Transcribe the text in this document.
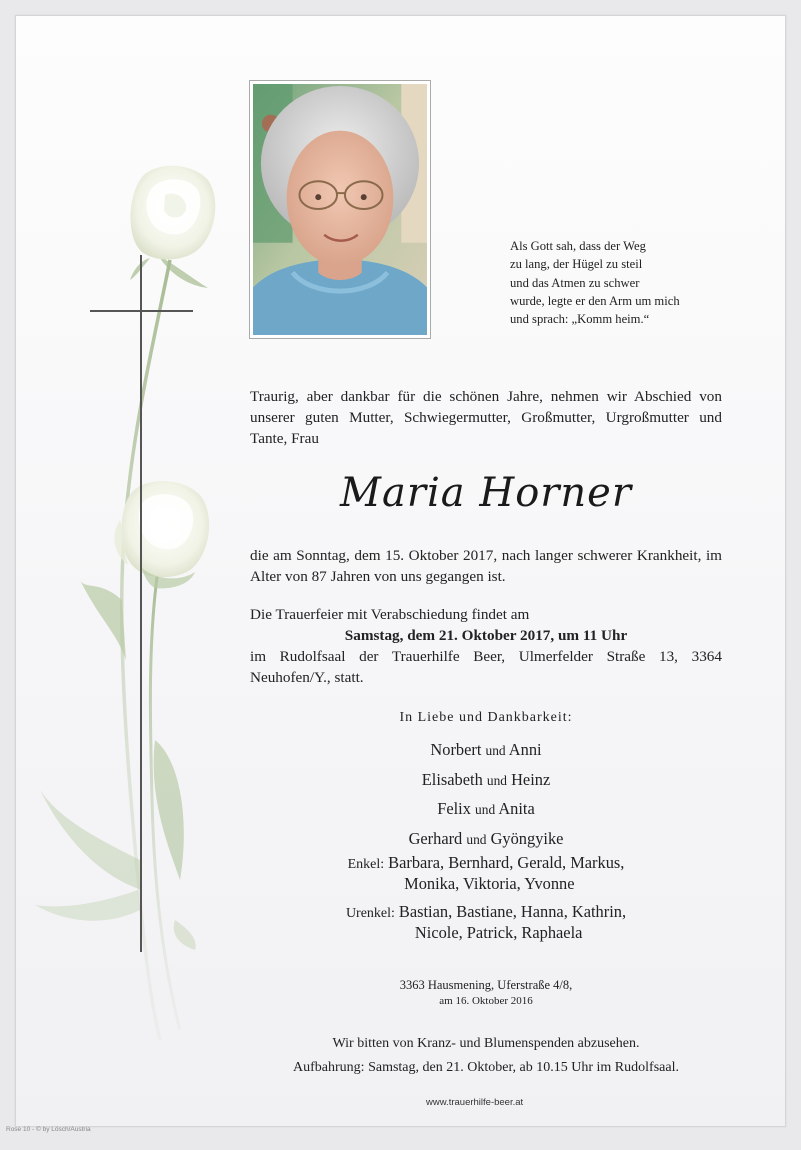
Als Gott sah, dass der Weg
zu lang, der Hügel zu steil
und das Atmen zu schwer
wurde, legte er den Arm um mich
und sprach: „Komm heim.“
Traurig, aber dankbar für die schönen Jahre, nehmen wir Abschied von unserer guten Mutter, Schwiegermutter, Großmutter, Urgroßmutter und Tante, Frau
Maria Horner
die am Sonntag, dem 15. Oktober 2017, nach langer schwerer Krankheit, im Alter von 87 Jahren von uns gegangen ist.
Die Trauerfeier mit Verabschiedung findet am
Samstag, dem 21. Oktober 2017, um 11 Uhr
im Rudolfsaal der Trauerhilfe Beer, Ulmerfelder Straße 13, 3364 Neuhofen/Y., statt.
In Liebe und Dankbarkeit:
Norbert und Anni
Elisabeth und Heinz
Felix und Anita
Gerhard und Gyöngyike
Enkel: Barbara, Bernhard, Gerald, Markus,
Monika, Viktoria, Yvonne
Urenkel: Bastian, Bastiane, Hanna, Kathrin,
Nicole, Patrick, Raphaela
3363 Hausmening, Uferstraße 4/8,
am 16. Oktober 2016
Wir bitten von Kranz- und Blumenspenden abzusehen.
Aufbahrung: Samstag, den 21. Oktober, ab 10.15 Uhr im Rudolfsaal.
www.trauerhilfe-beer.at
Rose 10 - © by Lösch/Austria
